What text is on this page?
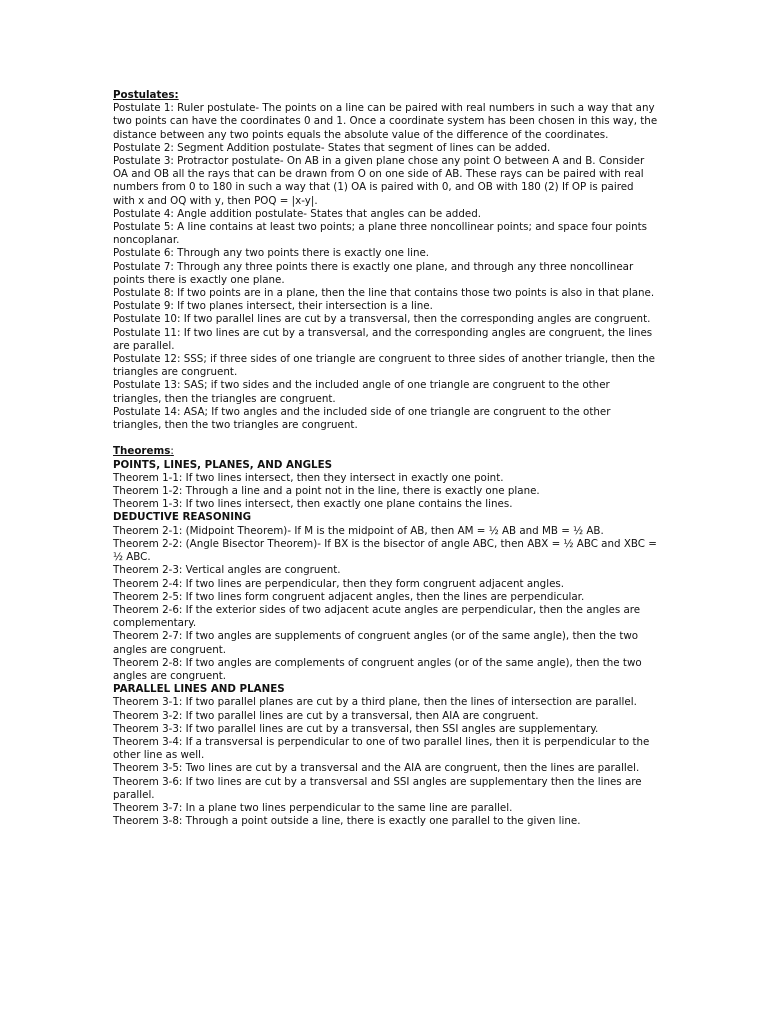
Postulates:

Postulate 1: Ruler postulate- The points on a line can be paired with real numbers in such a way that any two points can have the coordinates 0 and 1. Once a coordinate system has been chosen in this way, the distance between any two points equals the absolute value of the difference of the coordinates.

Postulate 2: Segment Addition postulate- States that segment of lines can be added.

Postulate 3: Protractor postulate- On AB in a given plane chose any point O between A and B. Consider OA and OB all the rays that can be drawn from O on one side of AB. These rays can be paired with real numbers from 0 to 180 in such a way that (1) OA is paired with 0, and OB with 180 (2) If OP is paired with x and OQ with y, then POQ = |x-y|.

Postulate 4: Angle addition postulate- States that angles can be added.

Postulate 5: A line contains at least two points; a plane three noncollinear points; and space four points noncoplanar.

Postulate 6: Through any two points there is exactly one line.

Postulate 7: Through any three points there is exactly one plane, and through any three noncollinear points there is exactly one plane.

Postulate 8: If two points are in a plane, then the line that contains those two points is also in that plane.

Postulate 9: If two planes intersect, their intersection is a line.

Postulate 10: If two parallel lines are cut by a transversal, then the corresponding angles are congruent.

Postulate 11: If two lines are cut by a transversal, and the corresponding angles are congruent, the lines are parallel.

Postulate 12: SSS; if three sides of one triangle are congruent to three sides of another triangle, then the triangles are congruent.

Postulate 13: SAS; if two sides and the included angle of one triangle are congruent to the other triangles, then the triangles are congruent.

Postulate 14: ASA; If two angles and the included side of one triangle are congruent to the other triangles, then the two triangles are congruent.

Theorems:

POINTS, LINES, PLANES, AND ANGLES

Theorem 1-1: If two lines intersect, then they intersect in exactly one point.

Theorem 1-2: Through a line and a point not in the line, there is exactly one plane.

Theorem 1-3: If two lines intersect, then exactly one plane contains the lines.

DEDUCTIVE REASONING

Theorem 2-1: (Midpoint Theorem)- If M is the midpoint of AB, then AM = ½ AB and MB = ½ AB.

Theorem 2-2: (Angle Bisector Theorem)- If BX is the bisector of angle ABC, then ABX = ½ ABC and XBC = ½ ABC.

Theorem 2-3: Vertical angles are congruent.

Theorem 2-4: If two lines are perpendicular, then they form congruent adjacent angles.

Theorem 2-5: If two lines form congruent adjacent angles, then the lines are perpendicular.

Theorem 2-6: If the exterior sides of two adjacent acute angles are perpendicular, then the angles are complementary.

Theorem 2-7: If two angles are supplements of congruent angles (or of the same angle), then the two angles are congruent.

Theorem 2-8: If two angles are complements of congruent angles (or of the same angle), then the two angles are congruent.

PARALLEL LINES AND PLANES

Theorem 3-1: If two parallel planes are cut by a third plane, then the lines of intersection are parallel.

Theorem 3-2: If two parallel lines are cut by a transversal, then AIA are congruent.

Theorem 3-3: If two parallel lines are cut by a transversal, then SSI angles are supplementary.

Theorem 3-4: If a transversal is perpendicular to one of two parallel lines, then it is perpendicular to the other line as well.

Theorem 3-5: Two lines are cut by a transversal and the AIA are congruent, then the lines are parallel.

Theorem 3-6: If two lines are cut by a transversal and SSI angles are supplementary then the lines are parallel.

Theorem 3-7: In a plane two lines perpendicular to the same line are parallel.

Theorem 3-8: Through a point outside a line, there is exactly one parallel to the given line.
